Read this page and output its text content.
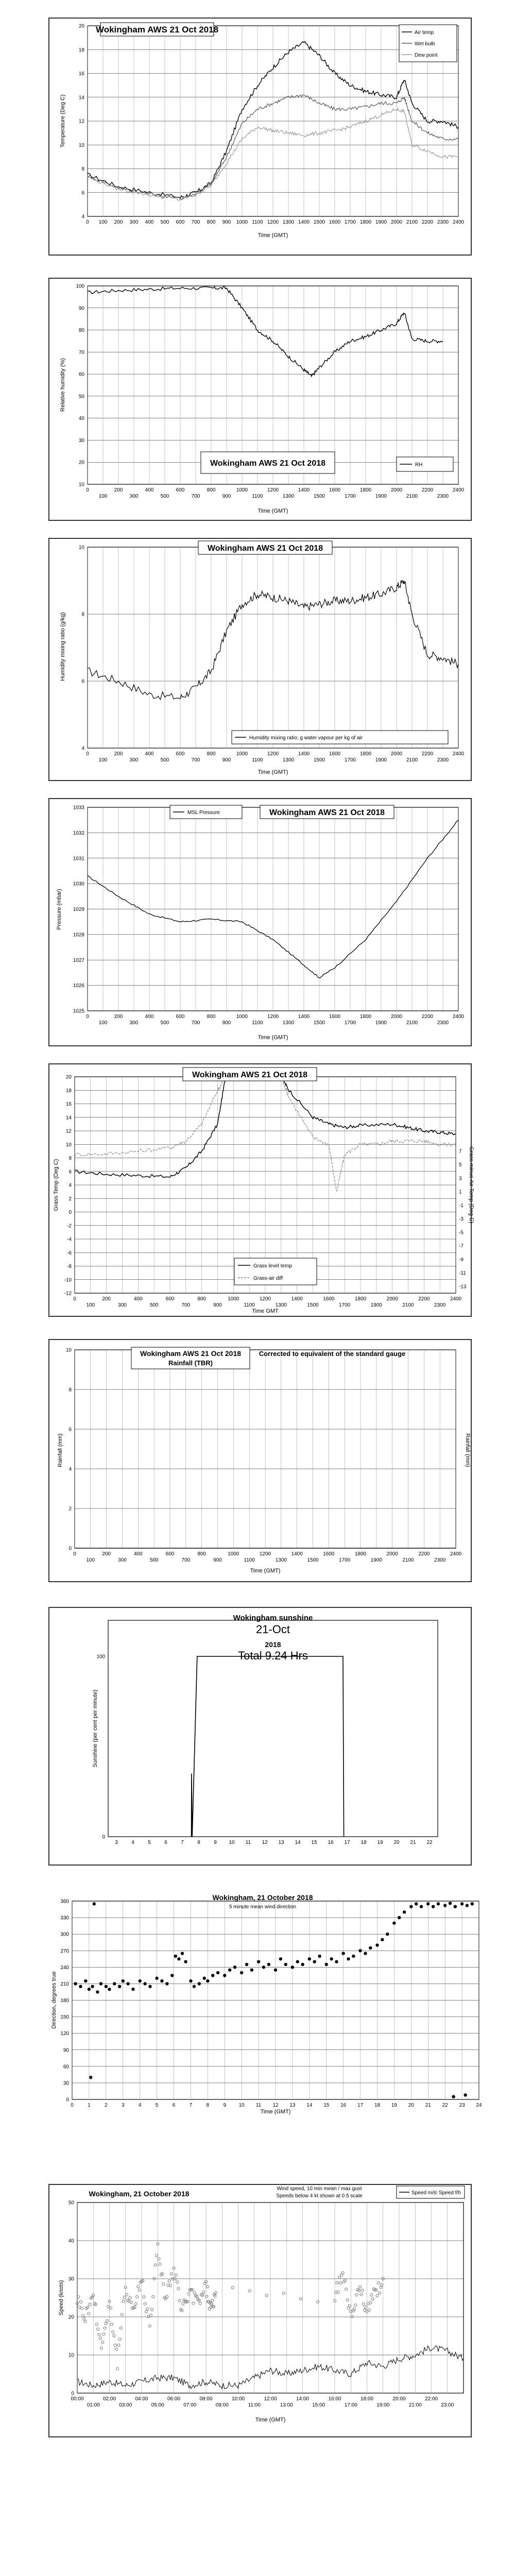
4
6
8
10
12
14
16
18
20
0 100 200 300 400 500 600 700 800 900 1000 1100 1200 1300 1400 1500 1600 1700 1800 1900 2000 2100 2200 2300 2400
Wokingham AWS 21 Oct 2018	Air temp
Wet bulb
Dew point
Temperature (Deg C)
Time (GMT)
10
20
30
40
50
60
70
80
90
100
0	200	400	600	800	1000	1200	1400	1600	1800	2000	2200	2400
100	300	500	700	900	1100	1300	1500	1700	1900	2100	2300
Wokingham AWS 21 Oct 2018	RH
Relative humidity (%)
Time (GMT)
4
6
8
10
0	200	400	600	800	1000	1200	1400	1600	1800	2000	2200	2400
100	300	500	700	900	1100	1300	1500	1700	1900	2100	2300
Wokingham AWS 21 Oct 2018
Humidity mixing ratio; g water vapour per kg of air
Humidity mixing ratio (g/kg)
Time (GMT)
1025
1026
1027
1028
1029
1030
1031
1032
1033
0	200	400	600	800	1000	1200	1400	1600	1800	2000	2200	2400
100	300	500	700	900	1100	1300	1500	1700	1900	2100	2300
MSL Pressure	Wokingham AWS 21 Oct 2018
Pressure (mbar)
Time (GMT)
-12
-10
-8
-6
-4
-2
0
2
4
6
8
10
12
14
16
18
20
-13
-11
-9
-7
-5
-3
-1
1
3
5
7
0	200	400	600	800	1000	1200	1400	1600	1800	2000	2200	2400
100	300	500	700	900	1100	1300	1500	1700	1900	2100	2300
Wokingham AWS 21 Oct 2018
Grass level temp
Grass-air diff
Grass Temp (Deg C)	Grass minus Air Temp (Deg C)
Time GMT
0
2
4
6
8
10
0	200	400	600	800	1000	1200	1400	1600	1800	2000	2200	2400
100	300	500	700	900	1100	1300	1500	1700	1900	2100	2300
Wokingham AWS 21 Oct 2018
Rainfall (TBR)
Corrected to equivalent of the standard gauge
Rainfall (mm)	Rainfall (mm)
Time (GMT)
0
100
3	4	5	6	7	8	9 10 11 12 13 14 15 16 17 18 19 20 21 22
Wokingham sunshine
21-Oct
2018
Total 9.24 Hrs
Sunshine (per cent per minute)
0
30
60
90
120
150
180
210
240
270
300
330
360
0	1	2	3	4	5	6	7	8	9 10 11 12 13 14 15 16 17 18 19 20 21 22 23 24
Wokingham, 21 October 2018
5 minute mean wind direction
Direction, degrees true
Time (GMT)
0
10
20
30
40
50
00:00	02:00	04:00	06:00	08:00	10:00	12:00	14:00	16:00	18:00	20:00	22:00
01:00	03:00	05:00	07:00	09:00	11:00	13:00	15:00	17:00	19:00	21:00	23:00
Wokingham, 21 October 2018
Wind speed, 10 min mean / max gust
Speeds below 4 kt shown at 0.5 scale
Speed m/s Speed f/h
Speed (knots)
Time (GMT)
